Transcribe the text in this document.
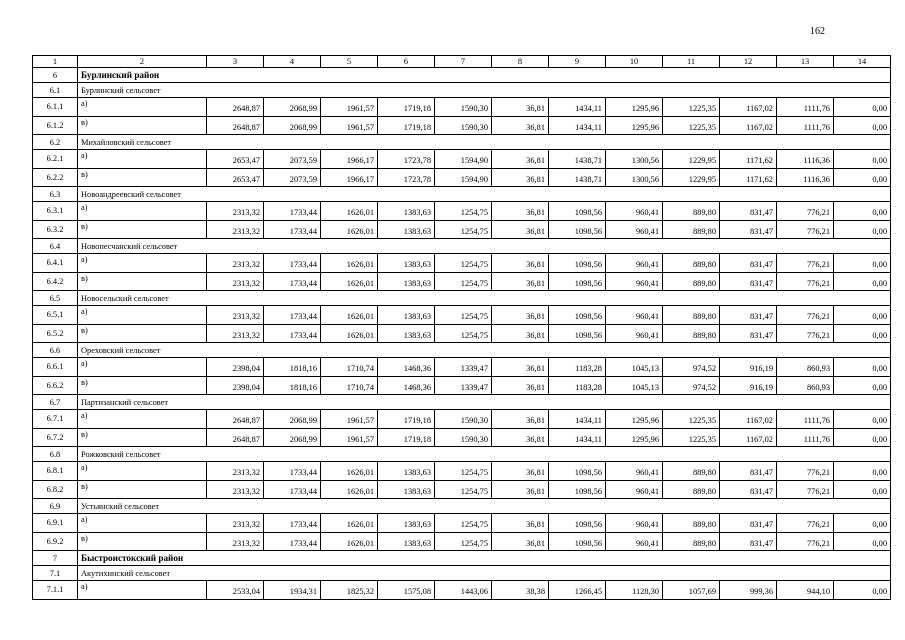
162
1	2	3	4	5	6	7	8	9	10	11	12	13	14
6	Бурлинский район												
6.1	Бурлинский сельсовет												
6.1.1	а)	2648,87	2068,99	1961,57	1719,18	1590,30	36,81	1434,11	1295,96	1225,35	1167,02	1111,76	0,00
6.1.2	в)	2648,87	2068,99	1961,57	1719,18	1590,30	36,81	1434,11	1295,96	1225,35	1167,02	1111,76	0,00
6.2	Михайловский сельсовет												
6.2.1	а)	2653,47	2073,59	1966,17	1723,78	1594,90	36,81	1438,71	1300,56	1229,95	1171,62	1116,36	0,00
6.2.2	в)	2653,47	2073,59	1966,17	1723,78	1594,90	36,81	1438,71	1300,56	1229,95	1171,62	1116,36	0,00
6.3	Новоандреевский сельсовет												
6.3.1	а)	2313,32	1733,44	1626,01	1383,63	1254,75	36,81	1098,56	960,41	889,80	831,47	776,21	0,00
6.3.2	в)	2313,32	1733,44	1626,01	1383,63	1254,75	36,81	1098,56	960,41	889,80	831,47	776,21	0,00
6.4	Новопесчанский сельсовет												
6.4.1	а)	2313,32	1733,44	1626,01	1383,63	1254,75	36,81	1098,56	960,41	889,80	831,47	776,21	0,00
6.4.2	в)	2313,32	1733,44	1626,01	1383,63	1254,75	36,81	1098,56	960,41	889,80	831,47	776,21	0,00
6.5	Новосельский сельсовет												
6.5.1	а)	2313,32	1733,44	1626,01	1383,63	1254,75	36,81	1098,56	960,41	889,80	831,47	776,21	0,00
6.5.2	в)	2313,32	1733,44	1626,01	1383,63	1254,75	36,81	1098,56	960,41	889,80	831,47	776,21	0,00
6.6	Ореховский сельсовет												
6.6.1	а)	2398,04	1818,16	1710,74	1468,36	1339,47	36,81	1183,28	1045,13	974,52	916,19	860,93	0,00
6.6.2	в)	2398,04	1818,16	1710,74	1468,36	1339,47	36,81	1183,28	1045,13	974,52	916,19	860,93	0,00
6.7	Партизанский сельсовет												
6.7.1	а)	2648,87	2068,99	1961,57	1719,18	1590,30	36,81	1434,11	1295,96	1225,35	1167,02	1111,76	0,00
6.7.2	в)	2648,87	2068,99	1961,57	1719,18	1590,30	36,81	1434,11	1295,96	1225,35	1167,02	1111,76	0,00
6.8	Рожковский сельсовет												
6.8.1	а)	2313,32	1733,44	1626,01	1383,63	1254,75	36,81	1098,56	960,41	889,80	831,47	776,21	0,00
6.8.2	в)	2313,32	1733,44	1626,01	1383,63	1254,75	36,81	1098,56	960,41	889,80	831,47	776,21	0,00
6.9	Устьянский сельсовет												
6.9.1	а)	2313,32	1733,44	1626,01	1383,63	1254,75	36,81	1098,56	960,41	889,80	831,47	776,21	0,00
6.9.2	в)	2313,32	1733,44	1626,01	1383,63	1254,75	36,81	1098,56	960,41	889,80	831,47	776,21	0,00
7	Быстроистокский район												
7.1	Акутихинский сельсовет												
7.1.1	а)	2533,04	1934,31	1825,32	1575,08	1443,06	38,38	1266,45	1128,30	1057,69	999,36	944,10	0,00
